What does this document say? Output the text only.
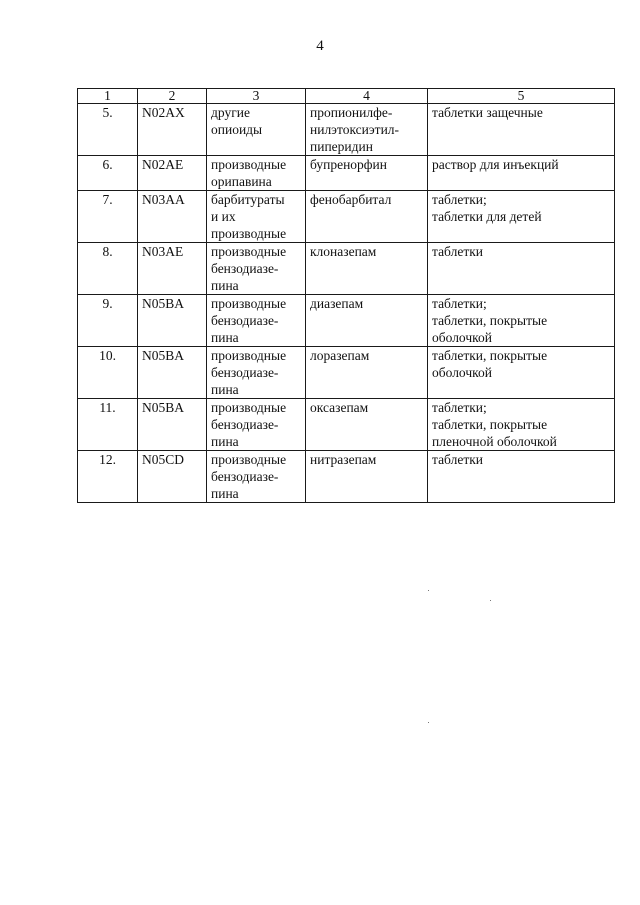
4
1	2	3	4	5
5.	N02AX	другие
опиоиды	пропионилфе-
нилэтоксиэтил-
пиперидин	таблетки защечные
6.	N02AE	производные
орипавина	бупренорфин	раствор для инъекций
7.	N03AA	барбитураты
и их
производные	фенобарбитал	таблетки;
таблетки для детей
8.	N03AE	производные
бензодиазе-
пина	клоназепам	таблетки
9.	N05BA	производные
бензодиазе-
пина	диазепам	таблетки;
таблетки, покрытые
оболочкой
10.	N05BA	производные
бензодиазе-
пина	лоразепам	таблетки, покрытые
оболочкой
11.	N05BA	производные
бензодиазе-
пина	оксазепам	таблетки;
таблетки, покрытые
пленочной оболочкой
12.	N05CD	производные
бензодиазе-
пина	нитразепам	таблетки
